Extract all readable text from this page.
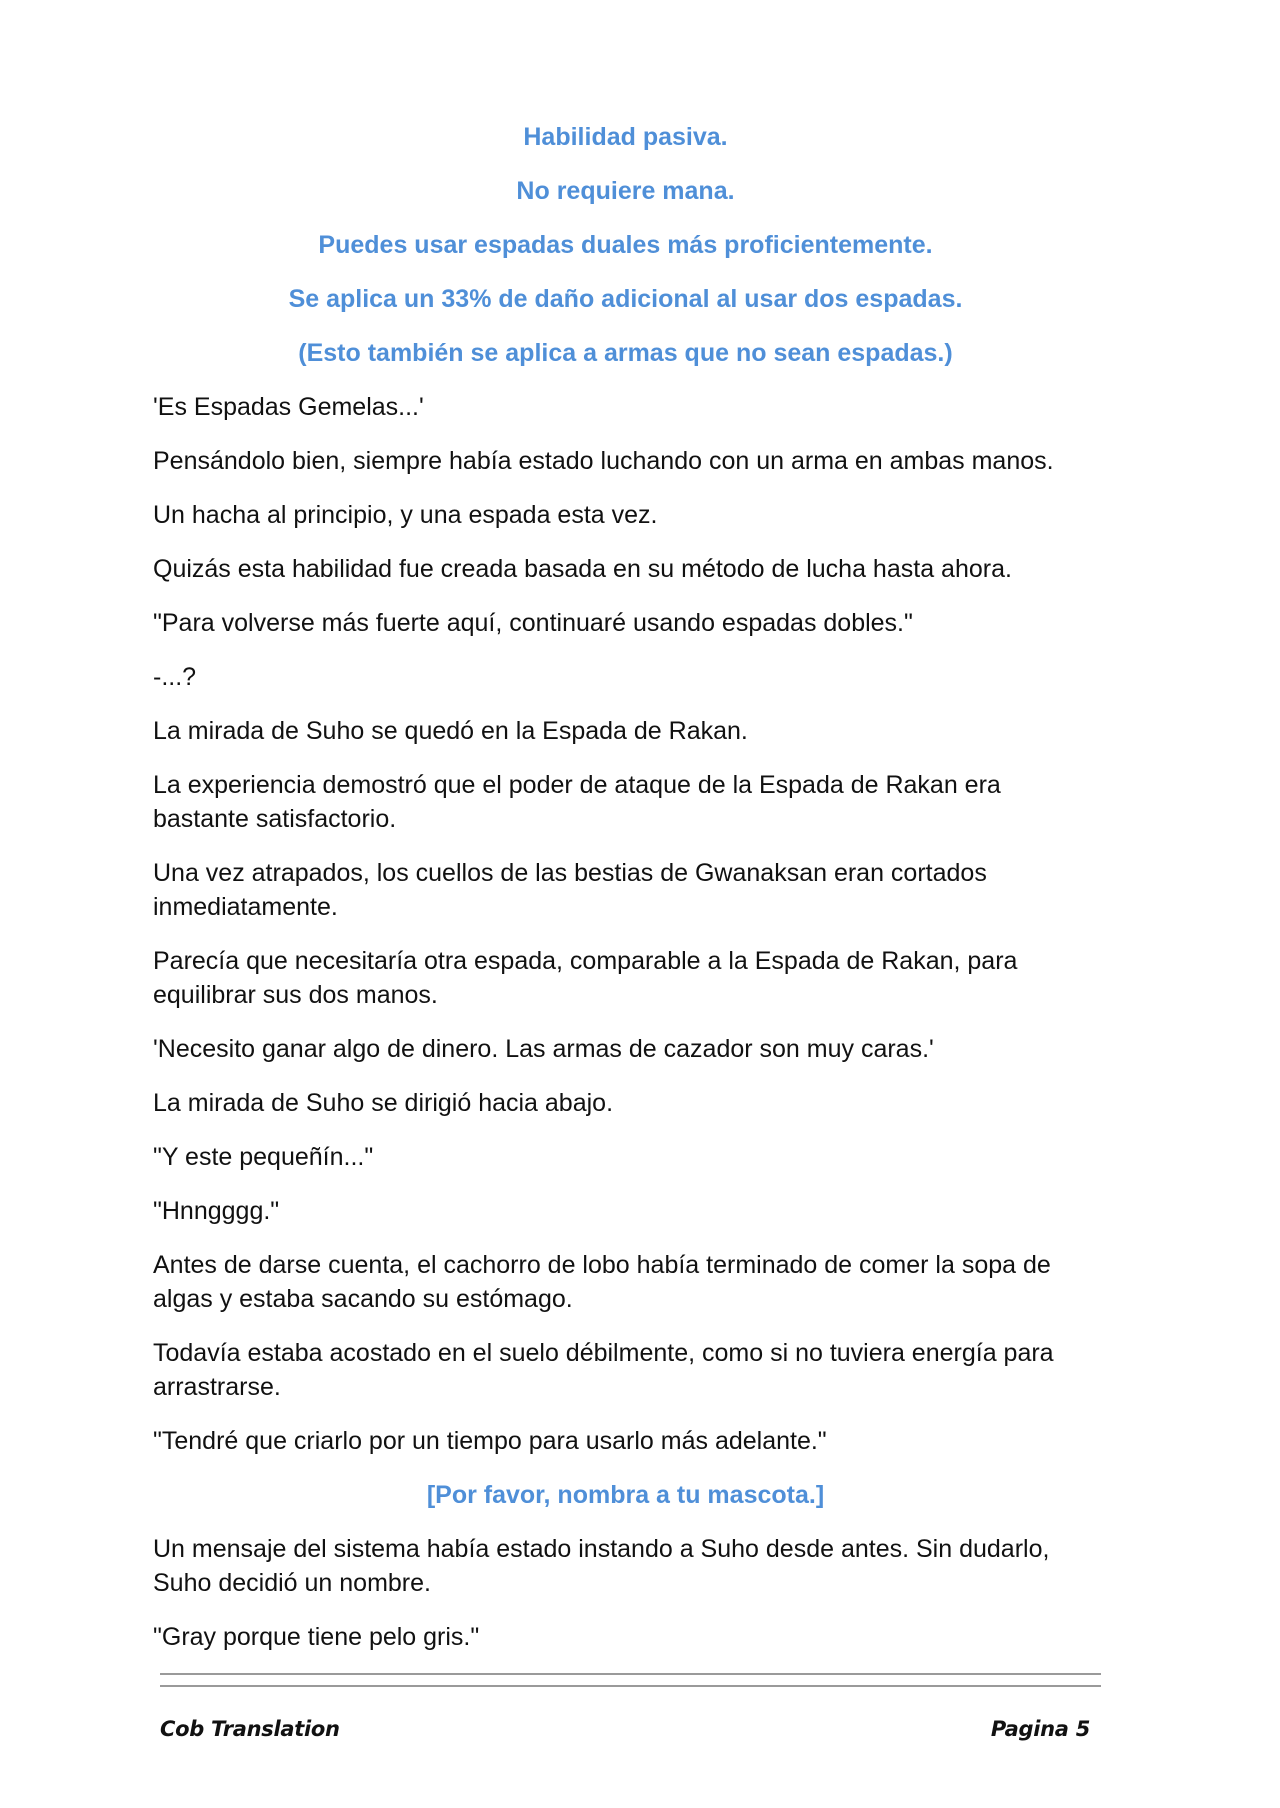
Habilidad pasiva.
No requiere mana.
Puedes usar espadas duales más proficientemente.
Se aplica un 33% de daño adicional al usar dos espadas.
(Esto también se aplica a armas que no sean espadas.)

'Es Espadas Gemelas...'

Pensándolo bien, siempre había estado luchando con un arma en ambas manos.

Un hacha al principio, y una espada esta vez.

Quizás esta habilidad fue creada basada en su método de lucha hasta ahora.

"Para volverse más fuerte aquí, continuaré usando espadas dobles."

-...?

La mirada de Suho se quedó en la Espada de Rakan.

La experiencia demostró que el poder de ataque de la Espada de Rakan era bastante satisfactorio.

Una vez atrapados, los cuellos de las bestias de Gwanaksan eran cortados inmediatamente.

Parecía que necesitaría otra espada, comparable a la Espada de Rakan, para equilibrar sus dos manos.

'Necesito ganar algo de dinero. Las armas de cazador son muy caras.'

La mirada de Suho se dirigió hacia abajo.

"Y este pequeñín..."

"Hnngggg."

Antes de darse cuenta, el cachorro de lobo había terminado de comer la sopa de algas y estaba sacando su estómago.

Todavía estaba acostado en el suelo débilmente, como si no tuviera energía para arrastrarse.

"Tendré que criarlo por un tiempo para usarlo más adelante."

[Por favor, nombra a tu mascota.]

Un mensaje del sistema había estado instando a Suho desde antes. Sin dudarlo, Suho decidió un nombre.

"Gray porque tiene pelo gris."

Cob Translation	Pagina 5
